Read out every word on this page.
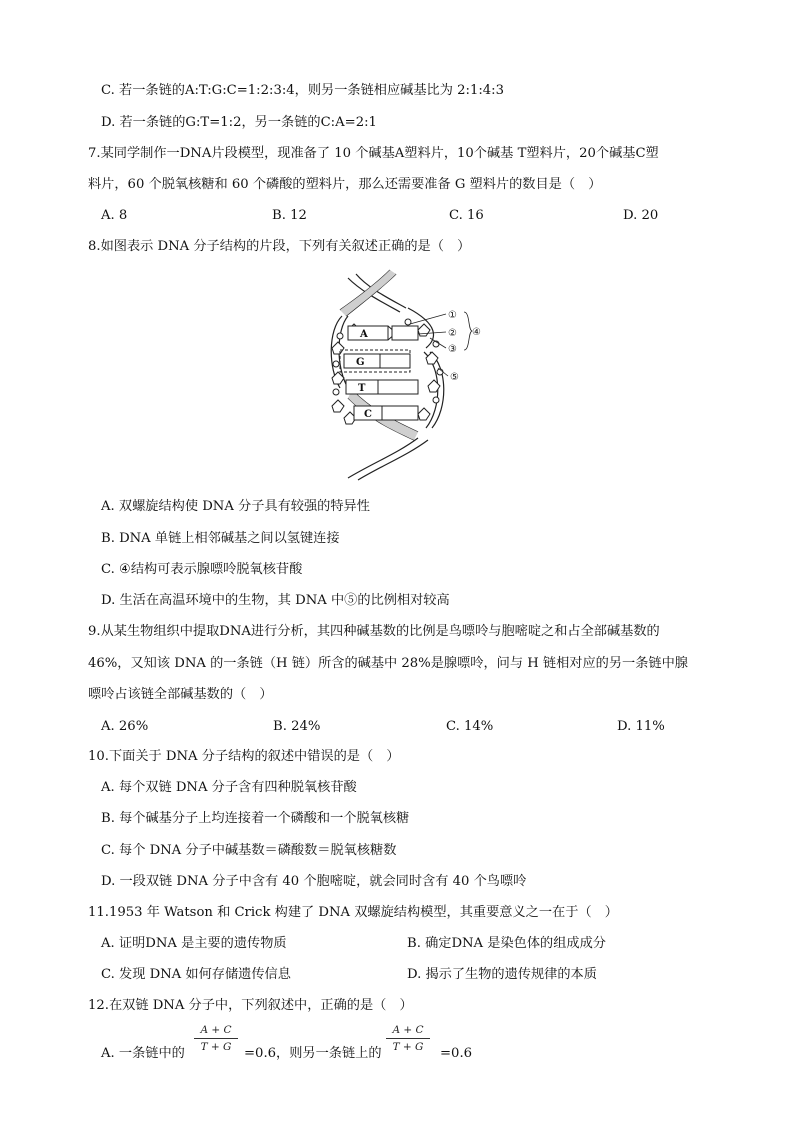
C. 若一条链的A:T:G:C=1:2:3:4，则另一条链相应碱基比为 2:1:4:3
D. 若一条链的G:T=1:2，另一条链的C:A=2:1
7.某同学制作一DNA片段模型，现准备了 10 个碱基A塑料片，10个碱基 T塑料片，20个碱基C塑
料片，60 个脱氧核糖和 60 个磷酸的塑料片，那么还需要准备 G 塑料片的数目是（　）
A. 8	B. 12	C. 16	D. 20
8.如图表示 DNA 分子结构的片段，下列有关叙述正确的是（　）
A
G
T
C
①
②
③
④
⑤
A. 双螺旋结构使 DNA 分子具有较强的特异性
B. DNA 单链上相邻碱基之间以氢键连接
C. ④结构可表示腺嘌呤脱氧核苷酸
D. 生活在高温环境中的生物，其 DNA 中⑤的比例相对较高
9.从某生物组织中提取DNA进行分析，其四种碱基数的比例是鸟嘌呤与胞嘧啶之和占全部碱基数的
46%，又知该 DNA 的一条链（H 链）所含的碱基中 28%是腺嘌呤，问与 H 链相对应的另一条链中腺
嘌呤占该链全部碱基数的（　）
A. 26%	B. 24%	C. 14%	D. 11%
10.下面关于 DNA 分子结构的叙述中错误的是（　）
A. 每个双链 DNA 分子含有四种脱氧核苷酸
B. 每个碱基分子上均连接着一个磷酸和一个脱氧核糖
C. 每个 DNA 分子中碱基数＝磷酸数＝脱氧核糖数
D. 一段双链 DNA 分子中含有 40 个胞嘧啶，就会同时含有 40 个鸟嘌呤
11.1953 年 Watson 和 Crick 构建了 DNA 双螺旋结构模型，其重要意义之一在于（　）
A. 证明DNA 是主要的遗传物质	B. 确定DNA 是染色体的组成成分
C. 发现 DNA 如何存储遗传信息	D. 揭示了生物的遗传规律的本质
12.在双链 DNA 分子中，下列叙述中，正确的是（　）
A. 一条链中的
A + C
T + G =0.6，则另一条链上的
A + C
T + G	=0.6
